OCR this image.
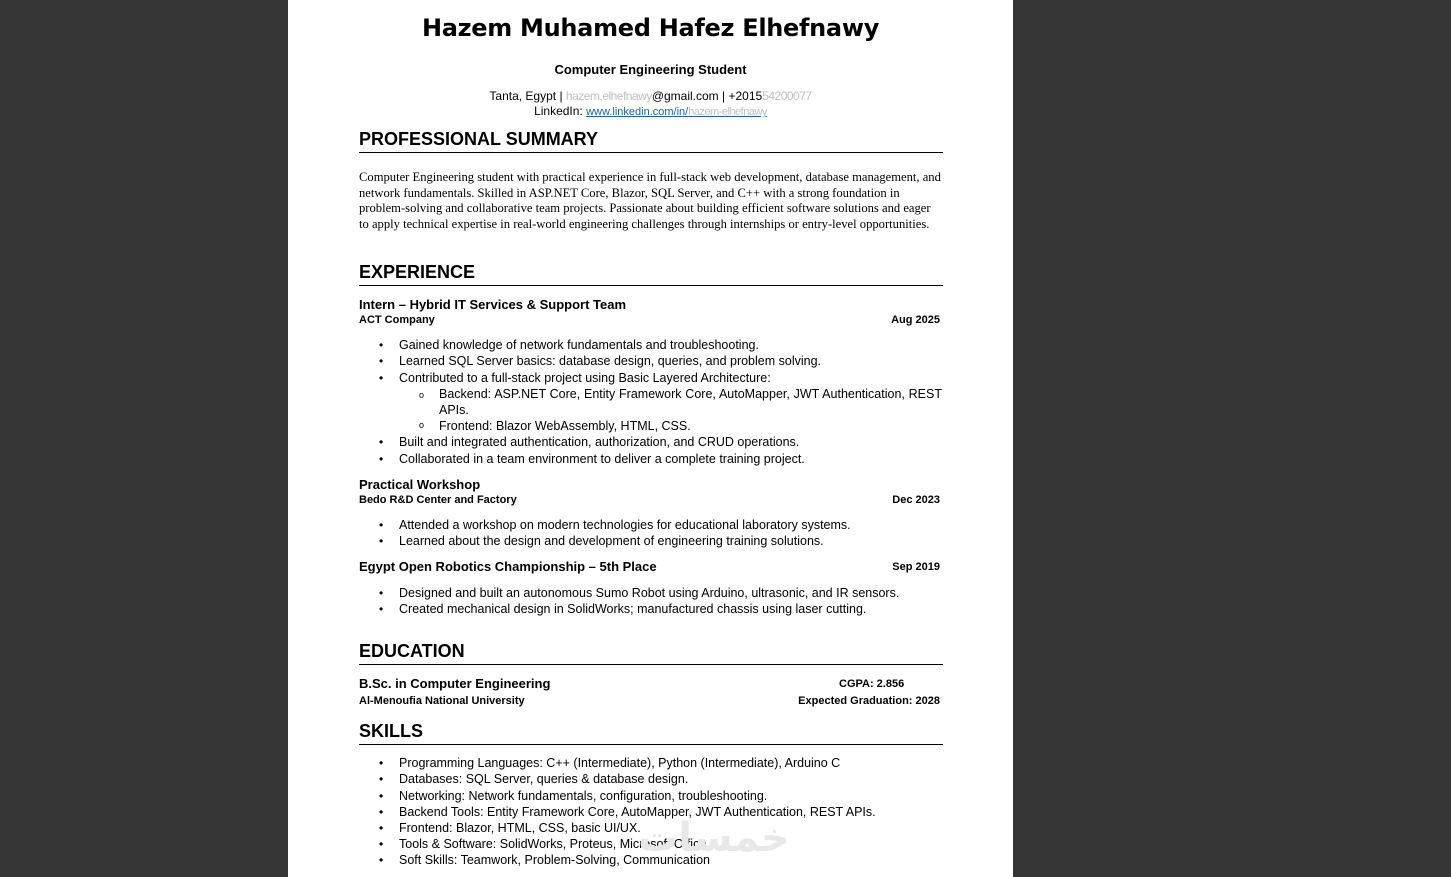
Hazem Muhamed Hafez Elhefnawy
Computer Engineering Student
Tanta, Egypt | hazem.elhefnawy@gmail.com | +201554200077
LinkedIn: www.linkedin.com/in/hazem-elhefnawy
PROFESSIONAL SUMMARY
Computer Engineering student with practical experience in full-stack web development, database management, and network fundamentals. Skilled in ASP.NET Core, Blazor, SQL Server, and C++ with a strong foundation in problem-solving and collaborative team projects. Passionate about building efficient software solutions and eager to apply technical expertise in real-world engineering challenges through internships or entry-level opportunities.
EXPERIENCE
Intern – Hybrid IT Services & Support Team
ACT Company	Aug 2025
• Gained knowledge of network fundamentals and troubleshooting.
• Learned SQL Server basics: database design, queries, and problem solving.
• Contributed to a full-stack project using Basic Layered Architecture:
o Backend: ASP.NET Core, Entity Framework Core, AutoMapper, JWT Authentication, REST APIs.
o Frontend: Blazor WebAssembly, HTML, CSS.
• Built and integrated authentication, authorization, and CRUD operations.
• Collaborated in a team environment to deliver a complete training project.
Practical Workshop
Bedo R&D Center and Factory	Dec 2023
• Attended a workshop on modern technologies for educational laboratory systems.
• Learned about the design and development of engineering training solutions.
Egypt Open Robotics Championship – 5th Place	Sep 2019
• Designed and built an autonomous Sumo Robot using Arduino, ultrasonic, and IR sensors.
• Created mechanical design in SolidWorks; manufactured chassis using laser cutting.
EDUCATION
B.Sc. in Computer Engineering	CGPA: 2.856
Al-Menoufia National University	Expected Graduation: 2028
SKILLS
• Programming Languages: C++ (Intermediate), Python (Intermediate), Arduino C
• Databases: SQL Server, queries & database design.
• Networking: Network fundamentals, configuration, troubleshooting.
• Backend Tools: Entity Framework Core, AutoMapper, JWT Authentication, REST APIs.
• Frontend: Blazor, HTML, CSS, basic UI/UX.
• Tools & Software: SolidWorks, Proteus, Microsoft Office
• Soft Skills: Teamwork, Problem-Solving, Communication
خمسات
